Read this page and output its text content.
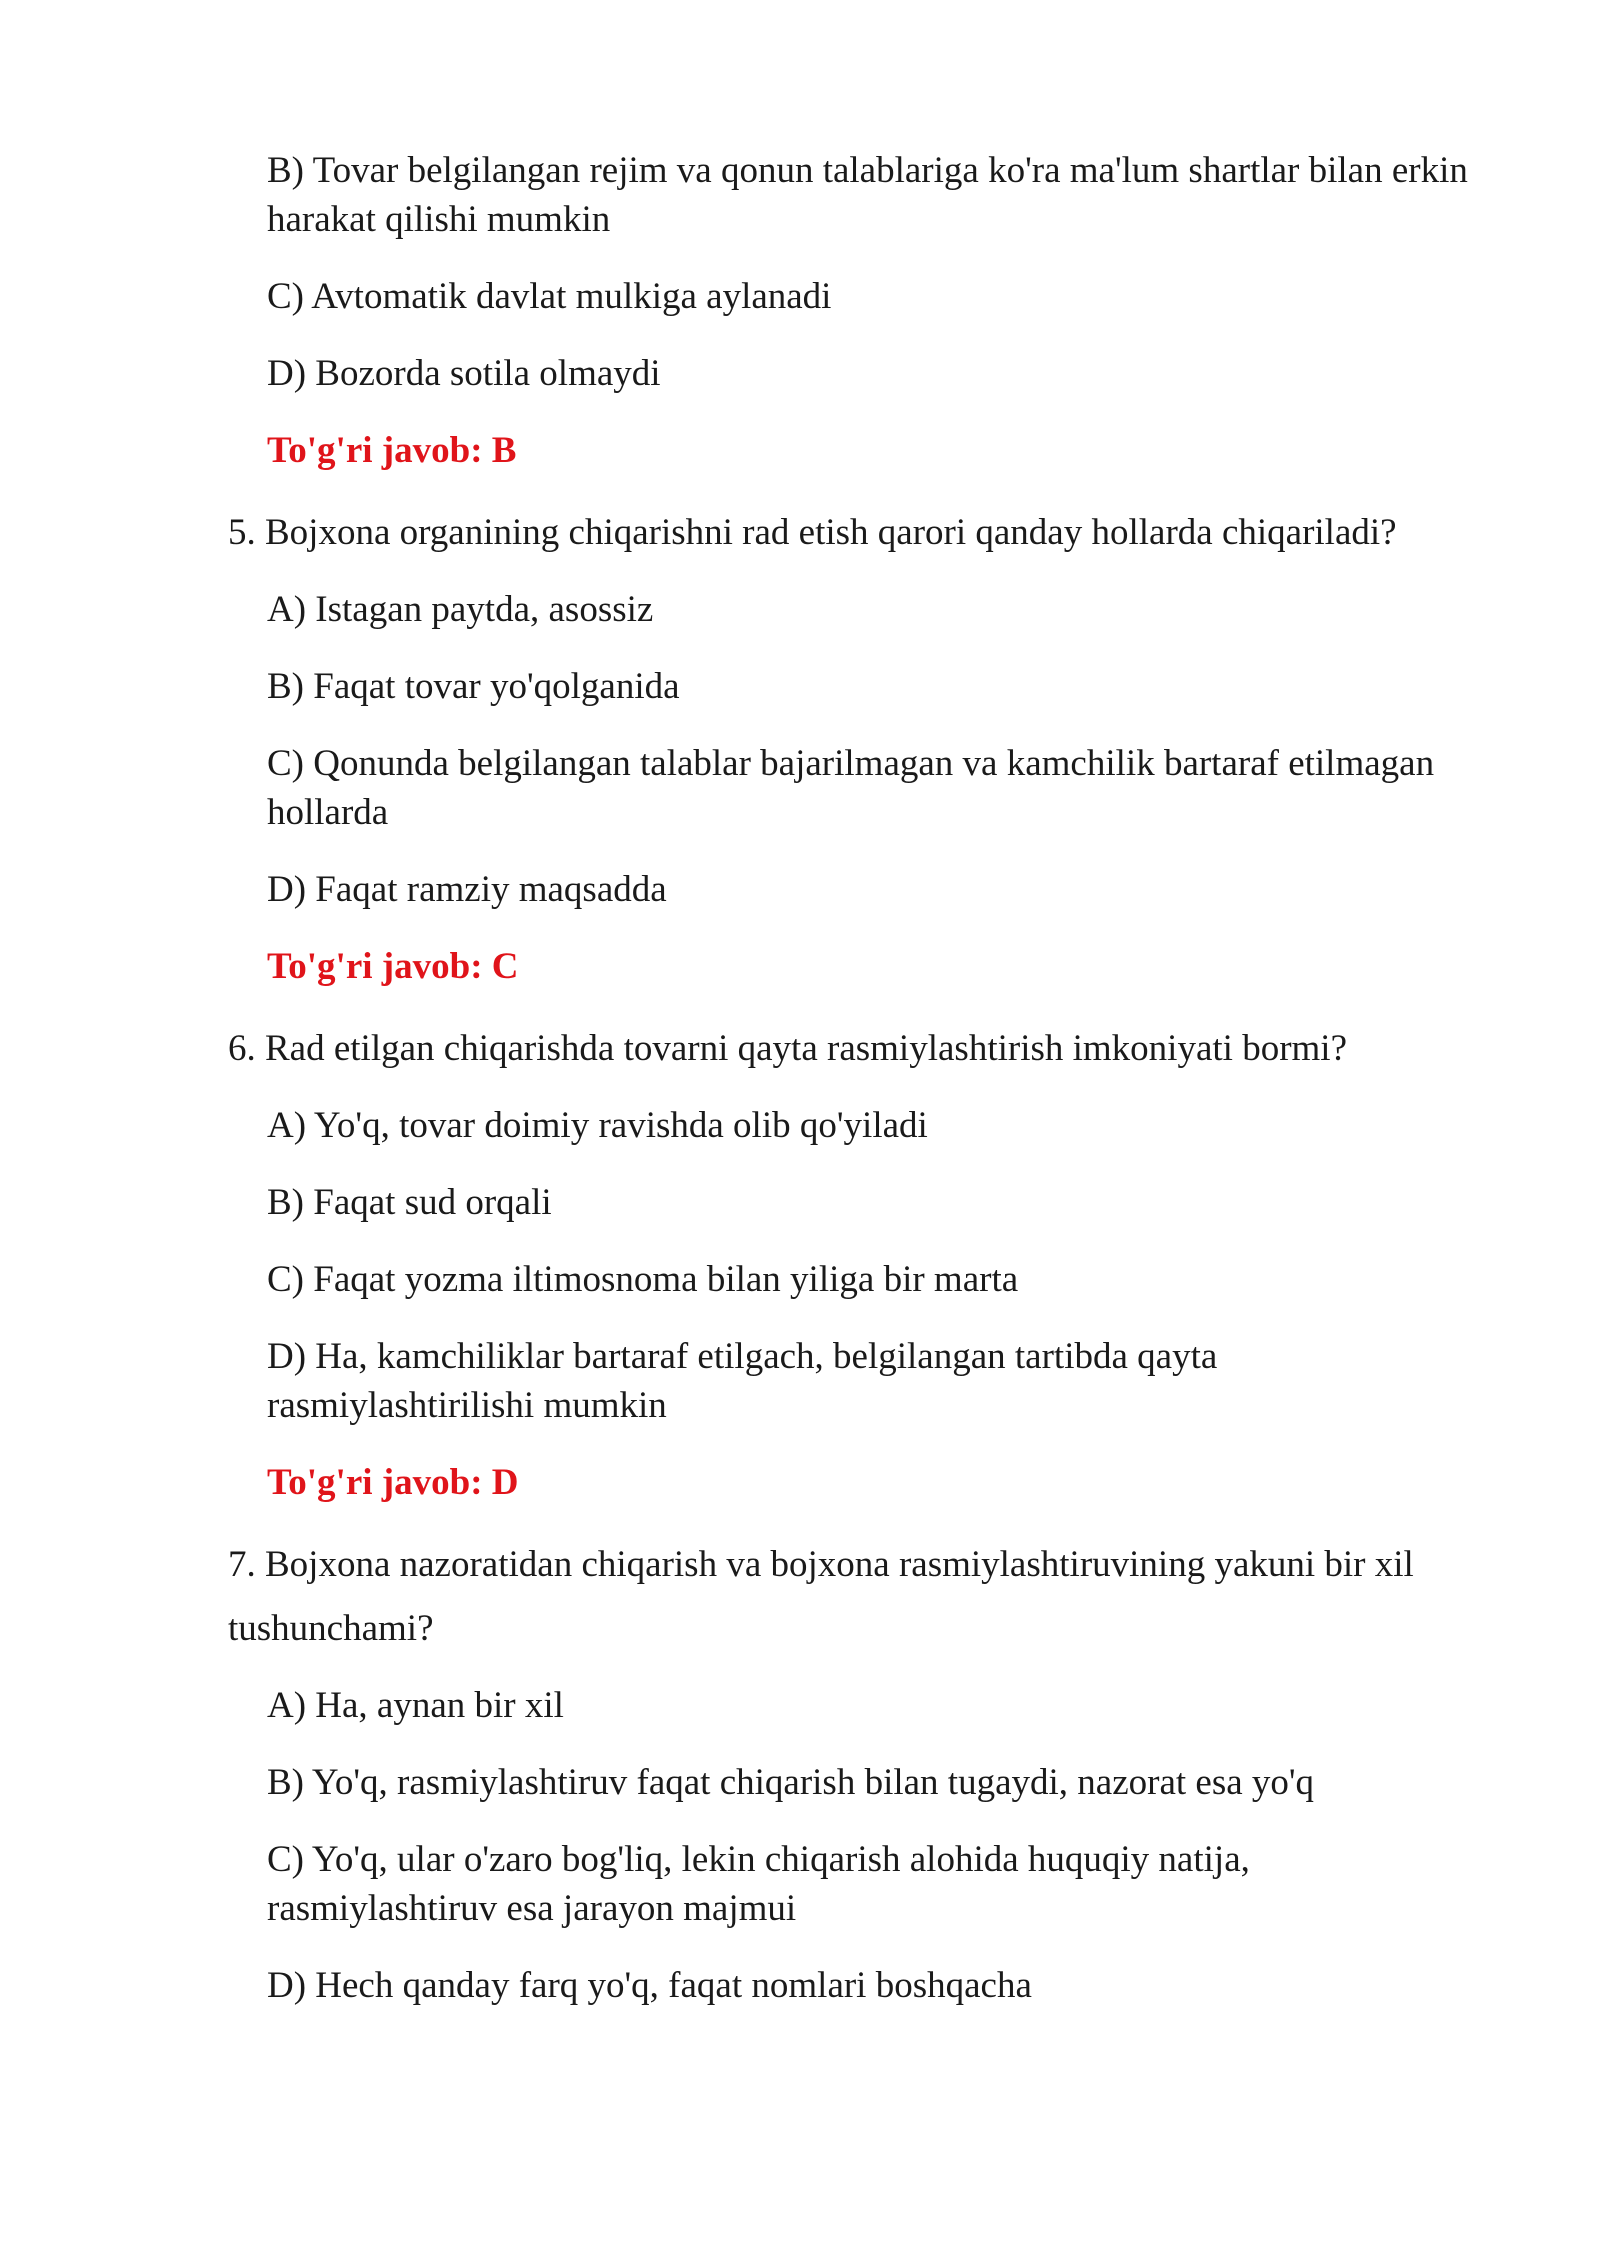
B) Tovar belgilangan rejim va qonun talablariga ko'ra ma'lum shartlar bilan erkin harakat qilishi mumkin
C) Avtomatik davlat mulkiga aylanadi
D) Bozorda sotila olmaydi
To'g'ri javob: B
5. Bojxona organining chiqarishni rad etish qarori qanday hollarda chiqariladi?
A) Istagan paytda, asossiz
B) Faqat tovar yo'qolganida
C) Qonunda belgilangan talablar bajarilmagan va kamchilik bartaraf etilmagan hollarda
D) Faqat ramziy maqsadda
To'g'ri javob: C
6. Rad etilgan chiqarishda tovarni qayta rasmiylashtirish imkoniyati bormi?
A) Yo'q, tovar doimiy ravishda olib qo'yiladi
B) Faqat sud orqali
C) Faqat yozma iltimosnoma bilan yiliga bir marta
D) Ha, kamchiliklar bartaraf etilgach, belgilangan tartibda qayta rasmiylashtirilishi mumkin
To'g'ri javob: D
7. Bojxona nazoratidan chiqarish va bojxona rasmiylashtiruvining yakuni bir xil tushunchami?
A) Ha, aynan bir xil
B) Yo'q, rasmiylashtiruv faqat chiqarish bilan tugaydi, nazorat esa yo'q
C) Yo'q, ular o'zaro bog'liq, lekin chiqarish alohida huquqiy natija, rasmiylashtiruv esa jarayon majmui
D) Hech qanday farq yo'q, faqat nomlari boshqacha
